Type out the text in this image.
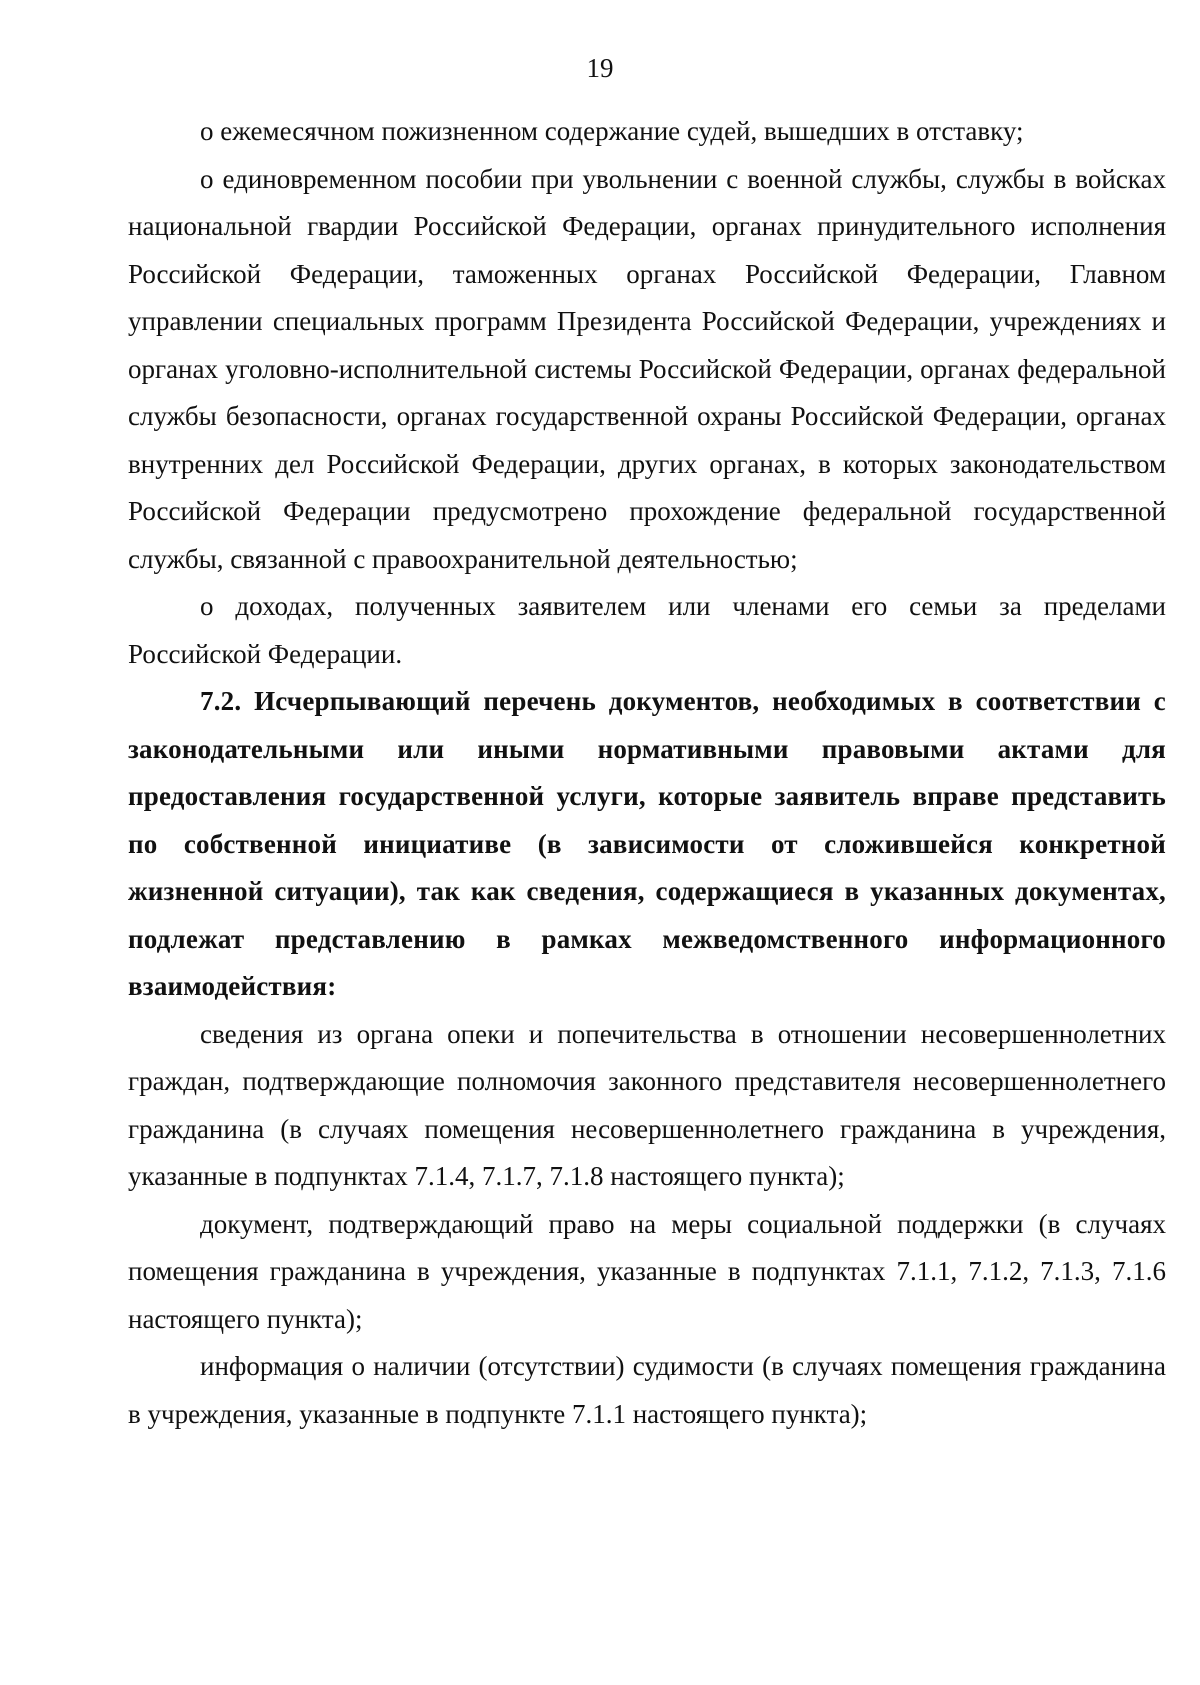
19

о ежемесячном пожизненном содержание судей, вышедших в отставку;

о единовременном пособии при увольнении с военной службы, службы в войсках национальной гвардии Российской Федерации, органах принудительного исполнения Российской Федерации, таможенных органах Российской Федерации, Главном управлении специальных программ Президента Российской Федерации, учреждениях и органах уголовно-исполнительной системы Российской Федерации, органах федеральной службы безопасности, органах государственной охраны Российской Федерации, органах внутренних дел Российской Федерации, других органах, в которых законодательством Российской Федерации предусмотрено прохождение федеральной государственной службы, связанной с правоохранительной деятельностью;

о доходах, полученных заявителем или членами его семьи за пределами Российской Федерации.

7.2. Исчерпывающий перечень документов, необходимых в соответствии с законодательными или иными нормативными правовыми актами для предоставления государственной услуги, которые заявитель вправе представить по собственной инициативе (в зависимости от сложившейся конкретной жизненной ситуации), так как сведения, содержащиеся в указанных документах, подлежат представлению в рамках межведомственного информационного взаимодействия:

сведения из органа опеки и попечительства в отношении несовершеннолетних граждан, подтверждающие полномочия законного представителя несовершеннолетнего гражданина (в случаях помещения несовершеннолетнего гражданина в учреждения, указанные в подпунктах 7.1.4, 7.1.7, 7.1.8 настоящего пункта);

документ, подтверждающий право на меры социальной поддержки (в случаях помещения гражданина в учреждения, указанные в подпунктах 7.1.1, 7.1.2, 7.1.3, 7.1.6 настоящего пункта);

информация о наличии (отсутствии) судимости (в случаях помещения гражданина в учреждения, указанные в подпункте 7.1.1 настоящего пункта);
